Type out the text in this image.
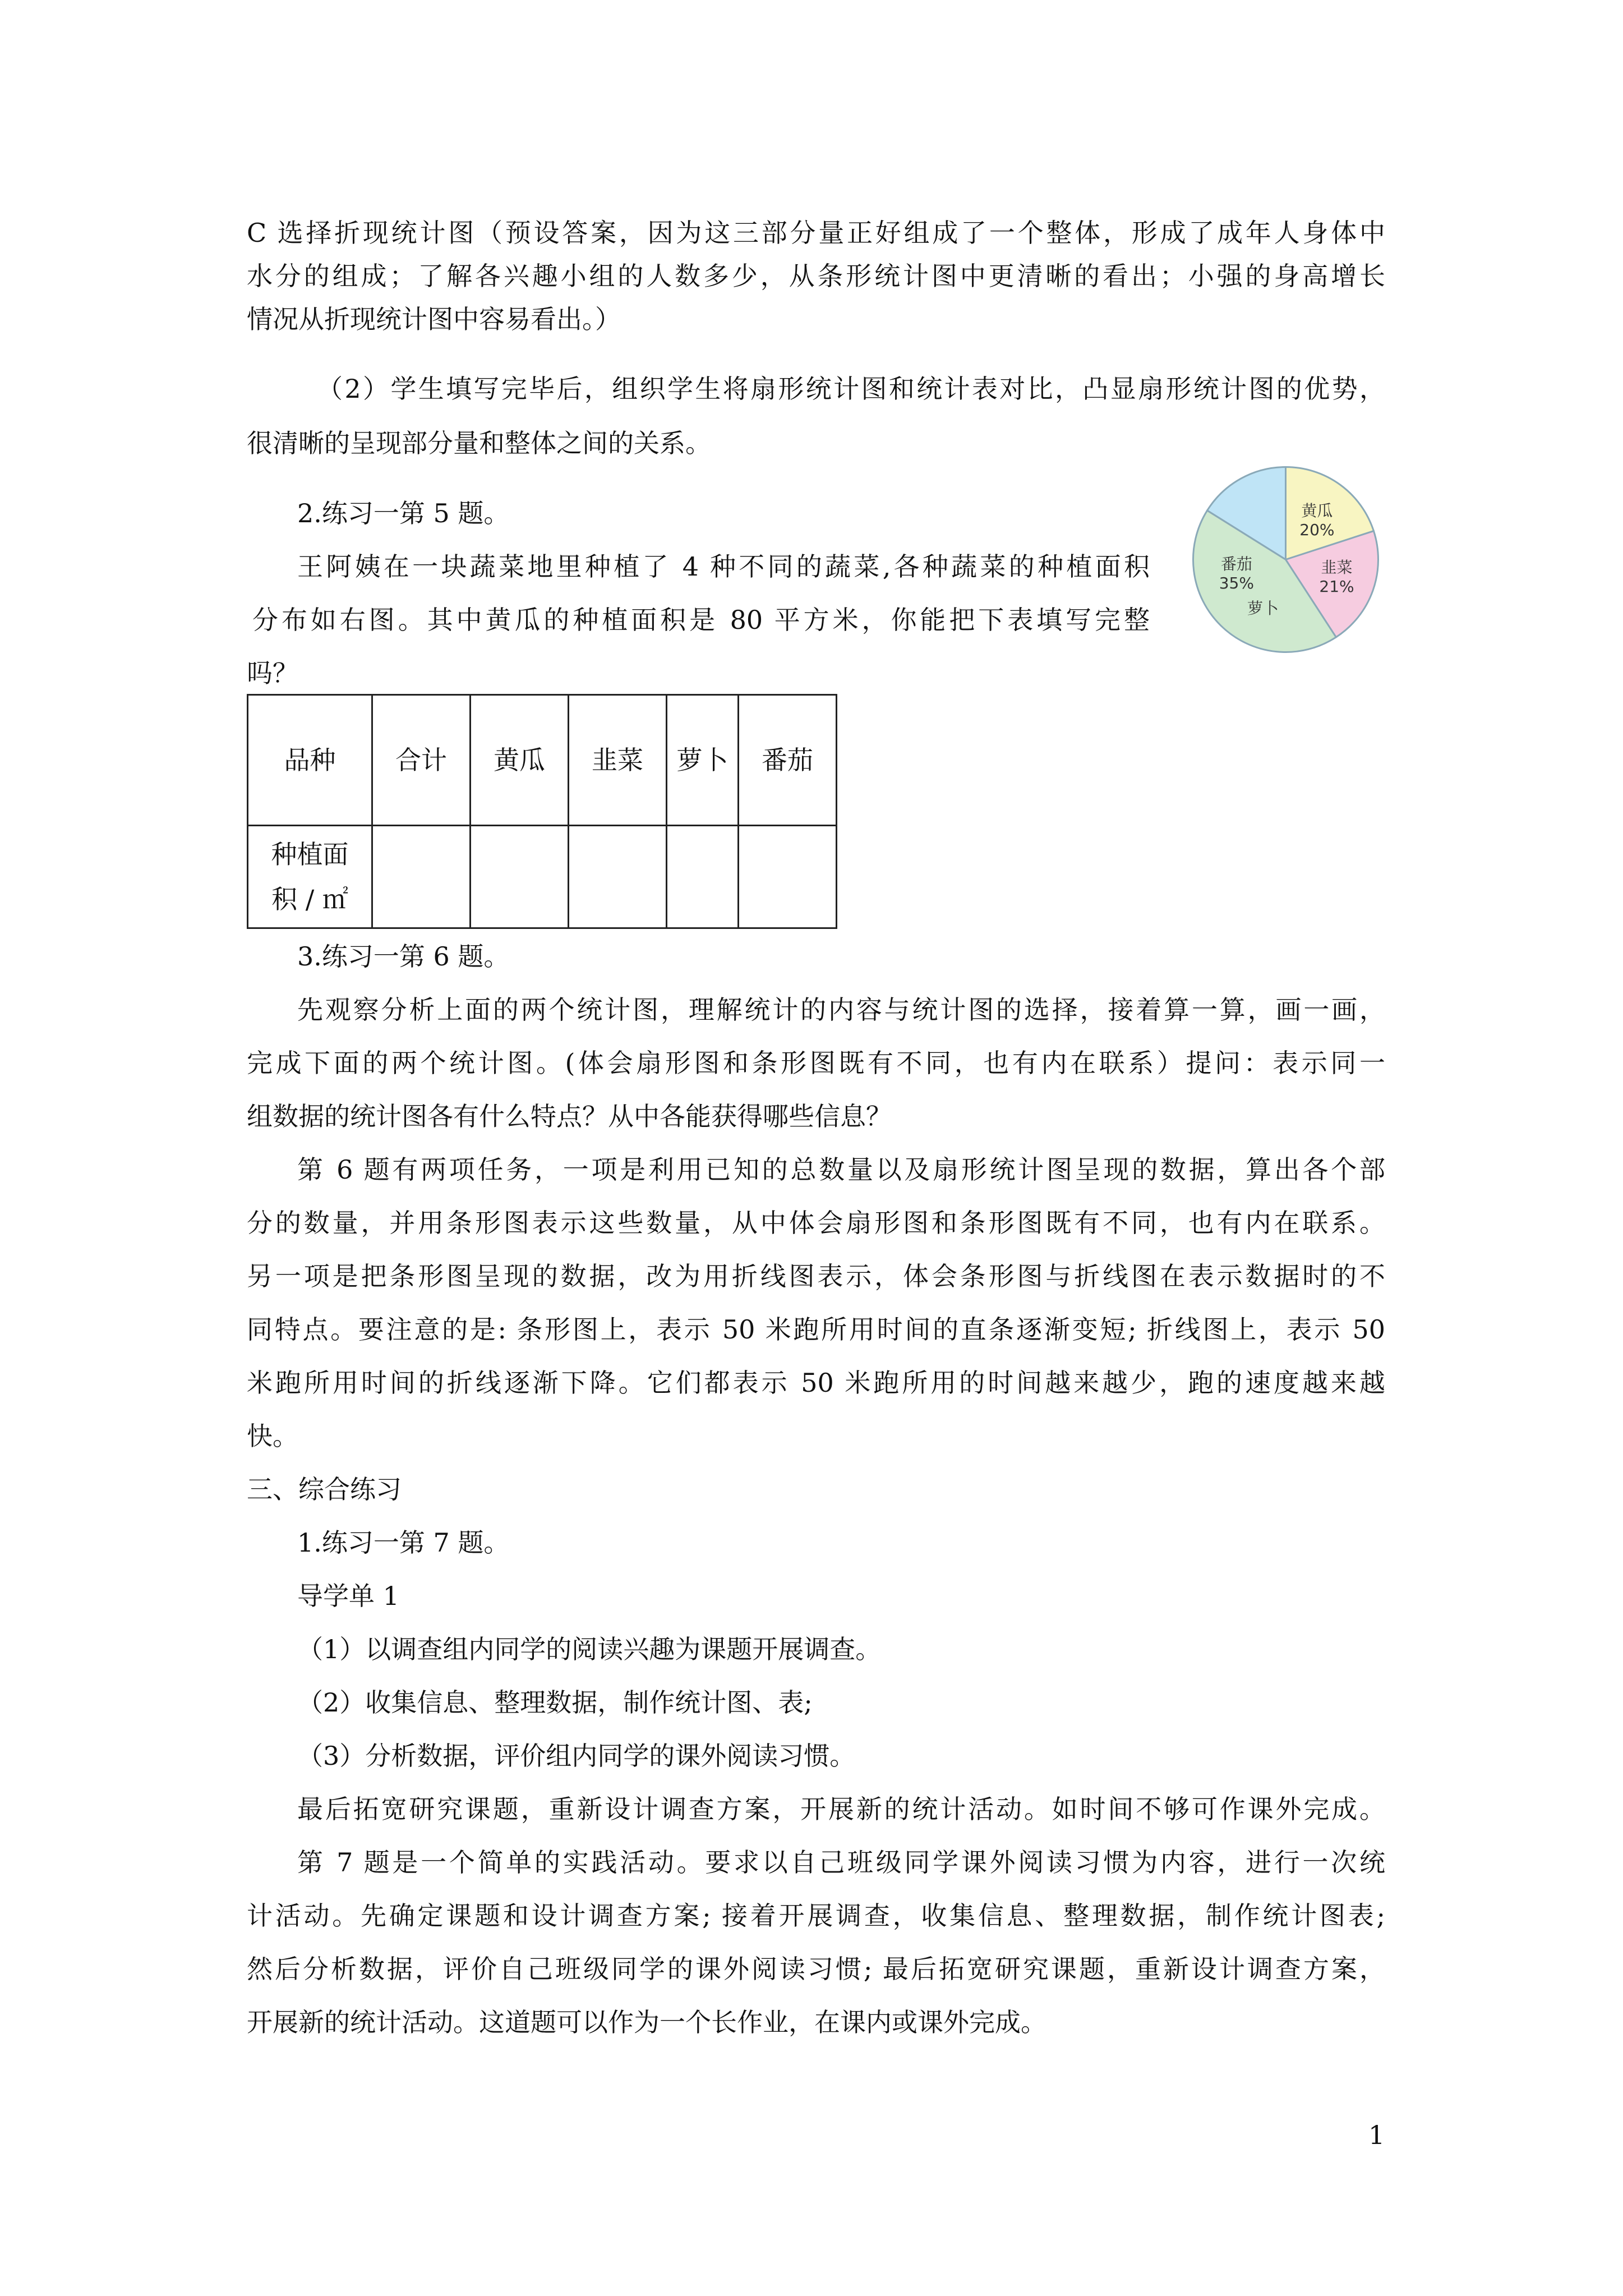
C 选择折现统计图（预设答案，因为这三部分量正好组成了一个整体，形成了成年人身体中

水分的组成；了解各兴趣小组的人数多少，从条形统计图中更清晰的看出；小强的身高增长

情况从折现统计图中容易看出。）

（2）学生填写完毕后，组织学生将扇形统计图和统计表对比，凸显扇形统计图的优势，

很清晰的呈现部分量和整体之间的关系。

2.练习一第 5 题。

王阿姨在一块蔬菜地里种植了 4 种不同的蔬菜,各种蔬菜的种植面积

分布如右图。其中黄瓜的种植面积是 80 平方米，你能把下表填写完整

吗？

番茄
35%
黄瓜
20%
韭菜
21%
萝卜
品种	合计	黄瓜	韭菜	萝卜	番茄

种植面
积 / ㎡					

3.练习一第 6 题。

先观察分析上面的两个统计图，理解统计的内容与统计图的选择，接着算一算，画一画，

完成下面的两个统计图。(体会扇形图和条形图既有不同，也有内在联系）提问：表示同一

组数据的统计图各有什么特点？从中各能获得哪些信息？

第 6 题有两项任务，一项是利用已知的总数量以及扇形统计图呈现的数据，算出各个部

分的数量，并用条形图表示这些数量，从中体会扇形图和条形图既有不同，也有内在联系。

另一项是把条形图呈现的数据，改为用折线图表示，体会条形图与折线图在表示数据时的不

同特点。要注意的是: 条形图上，表示 50 米跑所用时间的直条逐渐变短; 折线图上，表示 50

米跑所用时间的折线逐渐下降。它们都表示 50 米跑所用的时间越来越少，跑的速度越来越

快。

三、综合练习

1.练习一第 7 题。

导学单 1

（1）以调查组内同学的阅读兴趣为课题开展调查。

（2）收集信息、整理数据，制作统计图、表;

（3）分析数据，评价组内同学的课外阅读习惯。

最后拓宽研究课题，重新设计调查方案，开展新的统计活动。如时间不够可作课外完成。

第 7 题是一个简单的实践活动。要求以自己班级同学课外阅读习惯为内容，进行一次统

计活动。先确定课题和设计调查方案; 接着开展调查，收集信息、整理数据，制作统计图表;

然后分析数据，评价自己班级同学的课外阅读习惯; 最后拓宽研究课题，重新设计调查方案，

开展新的统计活动。这道题可以作为一个长作业，在课内或课外完成。

1
